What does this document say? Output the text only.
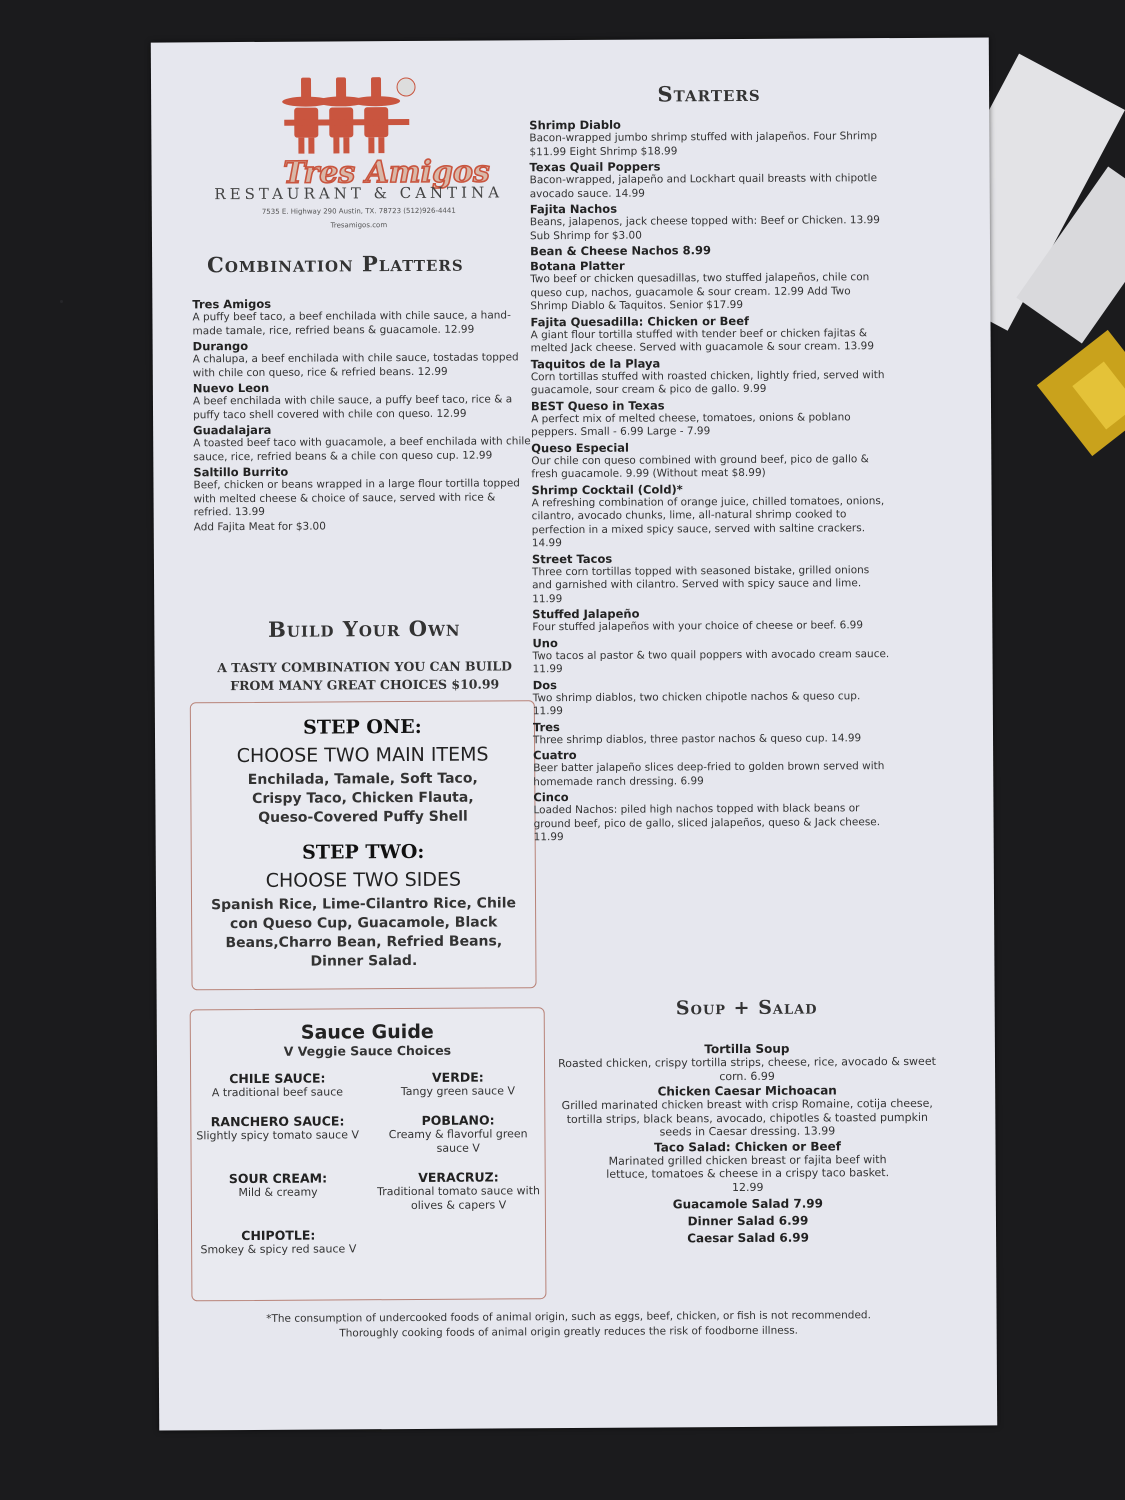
Tres Amigos
RESTAURANT & CANTINA
7535 E. Highway 290 Austin, TX. 78723 (512)926-4441
Tresamigos.com
Combination Platters
Tres Amigos
A puffy beef taco, a beef enchilada with chile sauce, a hand-made tamale, rice, refried beans & guacamole. 12.99
Durango
A chalupa, a beef enchilada with chile sauce, tostadas topped with chile con queso, rice & refried beans. 12.99
Nuevo Leon
A beef enchilada with chile sauce, a puffy beef taco, rice & a puffy taco shell covered with chile con queso. 12.99
Guadalajara
A toasted beef taco with guacamole, a beef enchilada with chile sauce, rice, refried beans & a chile con queso cup. 12.99
Saltillo Burrito
Beef, chicken or beans wrapped in a large flour tortilla topped with melted cheese & choice of sauce, served with rice & refried. 13.99
Add Fajita Meat for $3.00
Build Your Own
A TASTY COMBINATION YOU CAN BUILD
FROM MANY GREAT CHOICES $10.99
STEP ONE:
CHOOSE TWO MAIN ITEMS
Enchilada, Tamale, Soft Taco, Crispy Taco, Chicken Flauta, Queso-Covered Puffy Shell
STEP TWO:
CHOOSE TWO SIDES
Spanish Rice, Lime-Cilantro Rice, Chile con Queso Cup, Guacamole, Black Beans,Charro Bean, Refried Beans, Dinner Salad.
Sauce Guide
V Veggie Sauce Choices
CHILE SAUCE:
A traditional beef sauce
VERDE:
Tangy green sauce V
RANCHERO SAUCE:
Slightly spicy tomato sauce V
POBLANO:
Creamy & flavorful green sauce V
SOUR CREAM:
Mild & creamy
VERACRUZ:
Traditional tomato sauce with olives & capers V
CHIPOTLE:
Smokey & spicy red sauce V
Starters
Shrimp Diablo
Bacon-wrapped jumbo shrimp stuffed with jalapeños. Four Shrimp $11.99 Eight Shrimp $18.99
Texas Quail Poppers
Bacon-wrapped, jalapeño and Lockhart quail breasts with chipotle avocado sauce. 14.99
Fajita Nachos
Beans, jalapenos, jack cheese topped with: Beef or Chicken. 13.99 Sub Shrimp for $3.00
Bean & Cheese Nachos 8.99
Botana Platter
Two beef or chicken quesadillas, two stuffed jalapeños, chile con queso cup, nachos, guacamole & sour cream. 12.99 Add Two Shrimp Diablo & Taquitos. Senior $17.99
Fajita Quesadilla: Chicken or Beef
A giant flour tortilla stuffed with tender beef or chicken fajitas & melted Jack cheese. Served with guacamole & sour cream. 13.99
Taquitos de la Playa
Corn tortillas stuffed with roasted chicken, lightly fried, served with guacamole, sour cream & pico de gallo. 9.99
BEST Queso in Texas
A perfect mix of melted cheese, tomatoes, onions & poblano peppers. Small - 6.99 Large - 7.99
Queso Especial
Our chile con queso combined with ground beef, pico de gallo & fresh guacamole. 9.99 (Without meat $8.99)
Shrimp Cocktail (Cold)*
A refreshing combination of orange juice, chilled tomatoes, onions, cilantro, avocado chunks, lime, all-natural shrimp cooked to perfection in a mixed spicy sauce, served with saltine crackers. 14.99
Street Tacos
Three corn tortillas topped with seasoned bistake, grilled onions and garnished with cilantro. Served with spicy sauce and lime. 11.99
Stuffed Jalapeño
Four stuffed jalapeños with your choice of cheese or beef. 6.99
Uno
Two tacos al pastor & two quail poppers with avocado cream sauce. 11.99
Dos
Two shrimp diablos, two chicken chipotle nachos & queso cup. 11.99
Tres
Three shrimp diablos, three pastor nachos & queso cup. 14.99
Cuatro
Beer batter jalapeño slices deep-fried to golden brown served with homemade ranch dressing. 6.99
Cinco
Loaded Nachos: piled high nachos topped with black beans or ground beef, pico de gallo, sliced jalapeños, queso & Jack cheese. 11.99
Soup + Salad
Tortilla Soup
Roasted chicken, crispy tortilla strips, cheese, rice, avocado & sweet corn. 6.99
Chicken Caesar Michoacan
Grilled marinated chicken breast with crisp Romaine, cotija cheese, tortilla strips, black beans, avocado, chipotles & toasted pumpkin seeds in Caesar dressing. 13.99
Taco Salad: Chicken or Beef
Marinated grilled chicken breast or fajita beef with lettuce, tomatoes & cheese in a crispy taco basket. 12.99
Guacamole Salad 7.99
Dinner Salad 6.99
Caesar Salad 6.99
*The consumption of undercooked foods of animal origin, such as eggs, beef, chicken, or fish is not recommended.
Thoroughly cooking foods of animal origin greatly reduces the risk of foodborne illness.
